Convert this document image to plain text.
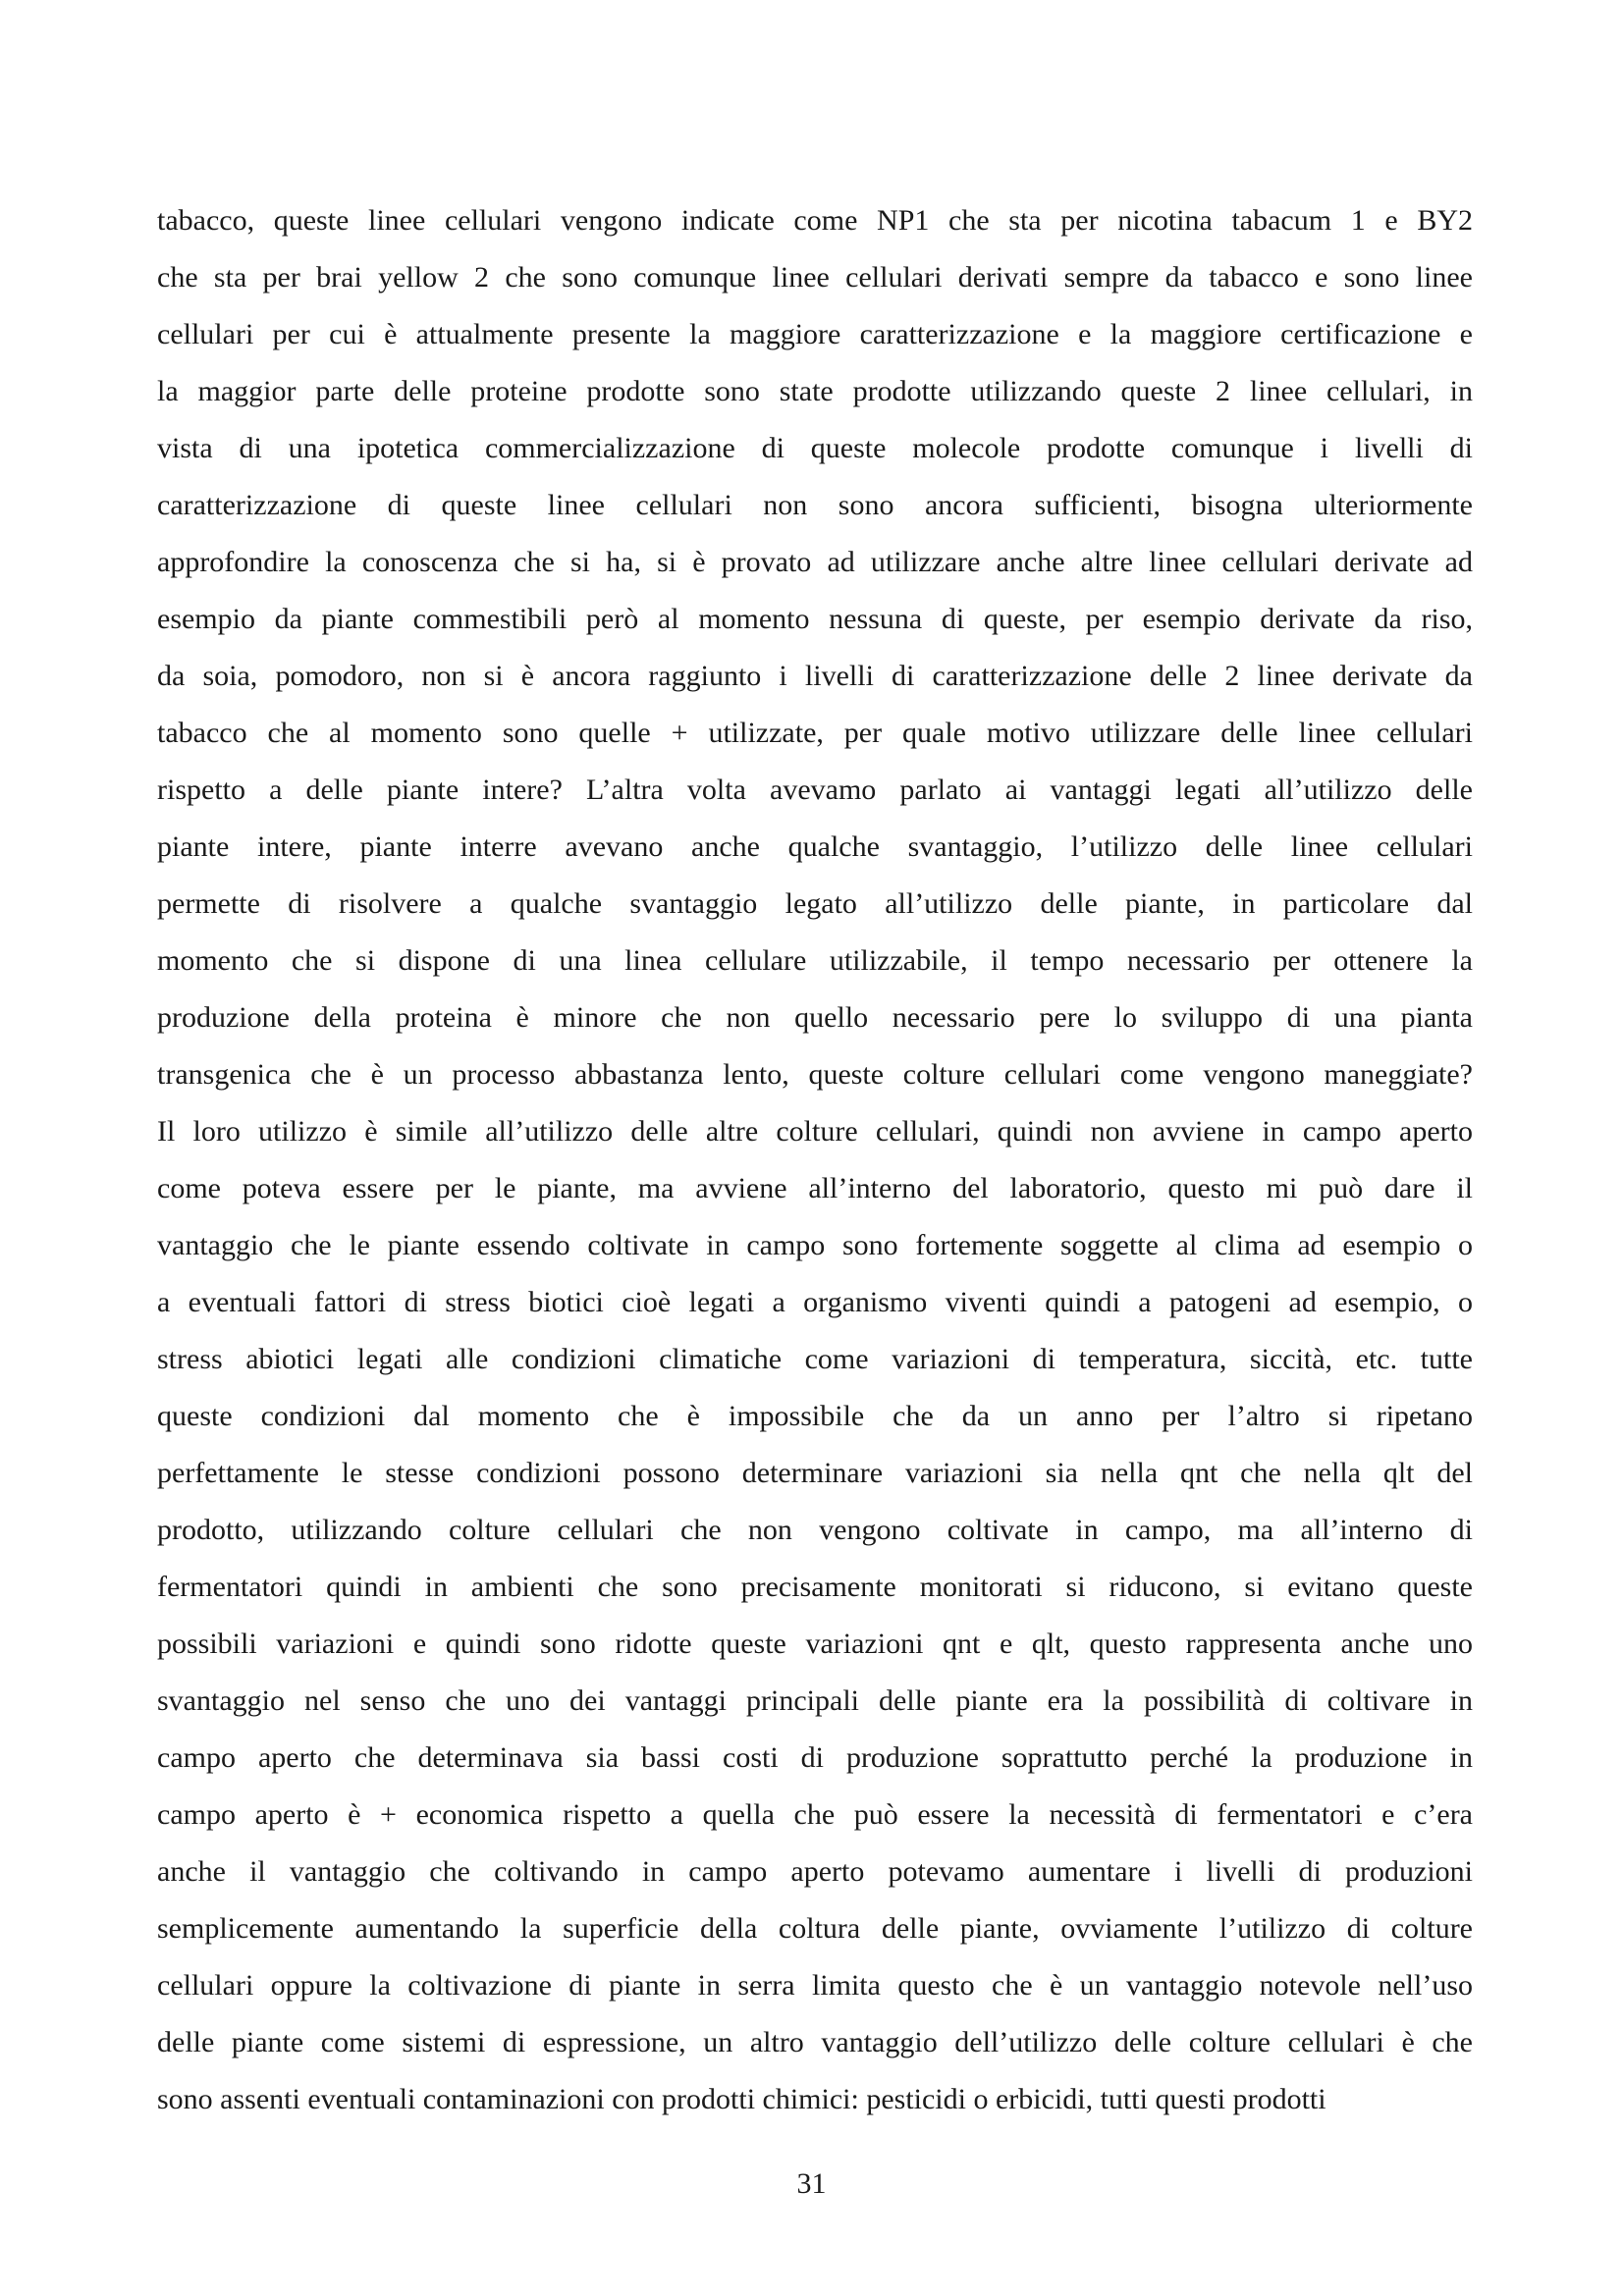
tabacco, queste linee cellulari vengono indicate come NP1 che sta per nicotina tabacum 1 e BY2
che sta per brai yellow 2 che sono comunque linee cellulari derivati sempre da tabacco e sono linee
cellulari per cui è attualmente presente la maggiore caratterizzazione e la maggiore certificazione e
la maggior parte delle proteine prodotte sono state prodotte utilizzando queste 2 linee cellulari, in
vista di una ipotetica commercializzazione di queste molecole prodotte comunque i livelli di
caratterizzazione di queste linee cellulari non sono ancora sufficienti, bisogna ulteriormente
approfondire la conoscenza che si ha, si è provato ad utilizzare anche altre linee cellulari derivate ad
esempio da piante commestibili però al momento nessuna di queste, per esempio derivate da riso,
da soia, pomodoro, non si è ancora raggiunto i livelli di caratterizzazione delle 2 linee derivate da
tabacco che al momento sono quelle + utilizzate, per quale motivo utilizzare delle linee cellulari
rispetto a delle piante intere? L’altra volta avevamo parlato ai vantaggi legati all’utilizzo delle
piante intere, piante interre avevano anche qualche svantaggio, l’utilizzo delle linee cellulari
permette di risolvere a qualche svantaggio legato all’utilizzo delle piante, in particolare dal
momento che si dispone di una linea cellulare utilizzabile, il tempo necessario per ottenere la
produzione della proteina è minore che non quello necessario pere lo sviluppo di una pianta
transgenica che è un processo abbastanza lento, queste colture cellulari come vengono maneggiate?
Il loro utilizzo è simile all’utilizzo delle altre colture cellulari, quindi non avviene in campo aperto
come poteva essere per le piante, ma avviene all’interno del laboratorio, questo mi può dare il
vantaggio che le piante essendo coltivate in campo sono fortemente soggette al clima ad esempio o
a eventuali fattori di stress biotici cioè legati a organismo viventi quindi a patogeni ad esempio, o
stress abiotici legati alle condizioni climatiche come variazioni di temperatura, siccità, etc. tutte
queste condizioni dal momento che è impossibile che da un anno per l’altro si ripetano
perfettamente le stesse condizioni possono determinare variazioni sia nella qnt che nella qlt del
prodotto, utilizzando colture cellulari che non vengono coltivate in campo, ma all’interno di
fermentatori quindi in ambienti che sono precisamente monitorati si riducono, si evitano queste
possibili variazioni e quindi sono ridotte queste variazioni qnt e qlt, questo rappresenta anche uno
svantaggio nel senso che uno dei vantaggi principali delle piante era la possibilità di coltivare in
campo aperto che determinava sia bassi costi di produzione soprattutto perché la produzione in
campo aperto è + economica rispetto a quella che può essere la necessità di fermentatori e c’era
anche il vantaggio che coltivando in campo aperto potevamo aumentare i livelli di produzioni
semplicemente aumentando la superficie della coltura delle piante, ovviamente l’utilizzo di colture
cellulari oppure la coltivazione di piante in serra limita questo che è un vantaggio notevole nell’uso
delle piante come sistemi di espressione, un altro vantaggio dell’utilizzo delle colture cellulari è che
sono assenti eventuali contaminazioni con prodotti chimici: pesticidi o erbicidi, tutti questi prodotti
31
